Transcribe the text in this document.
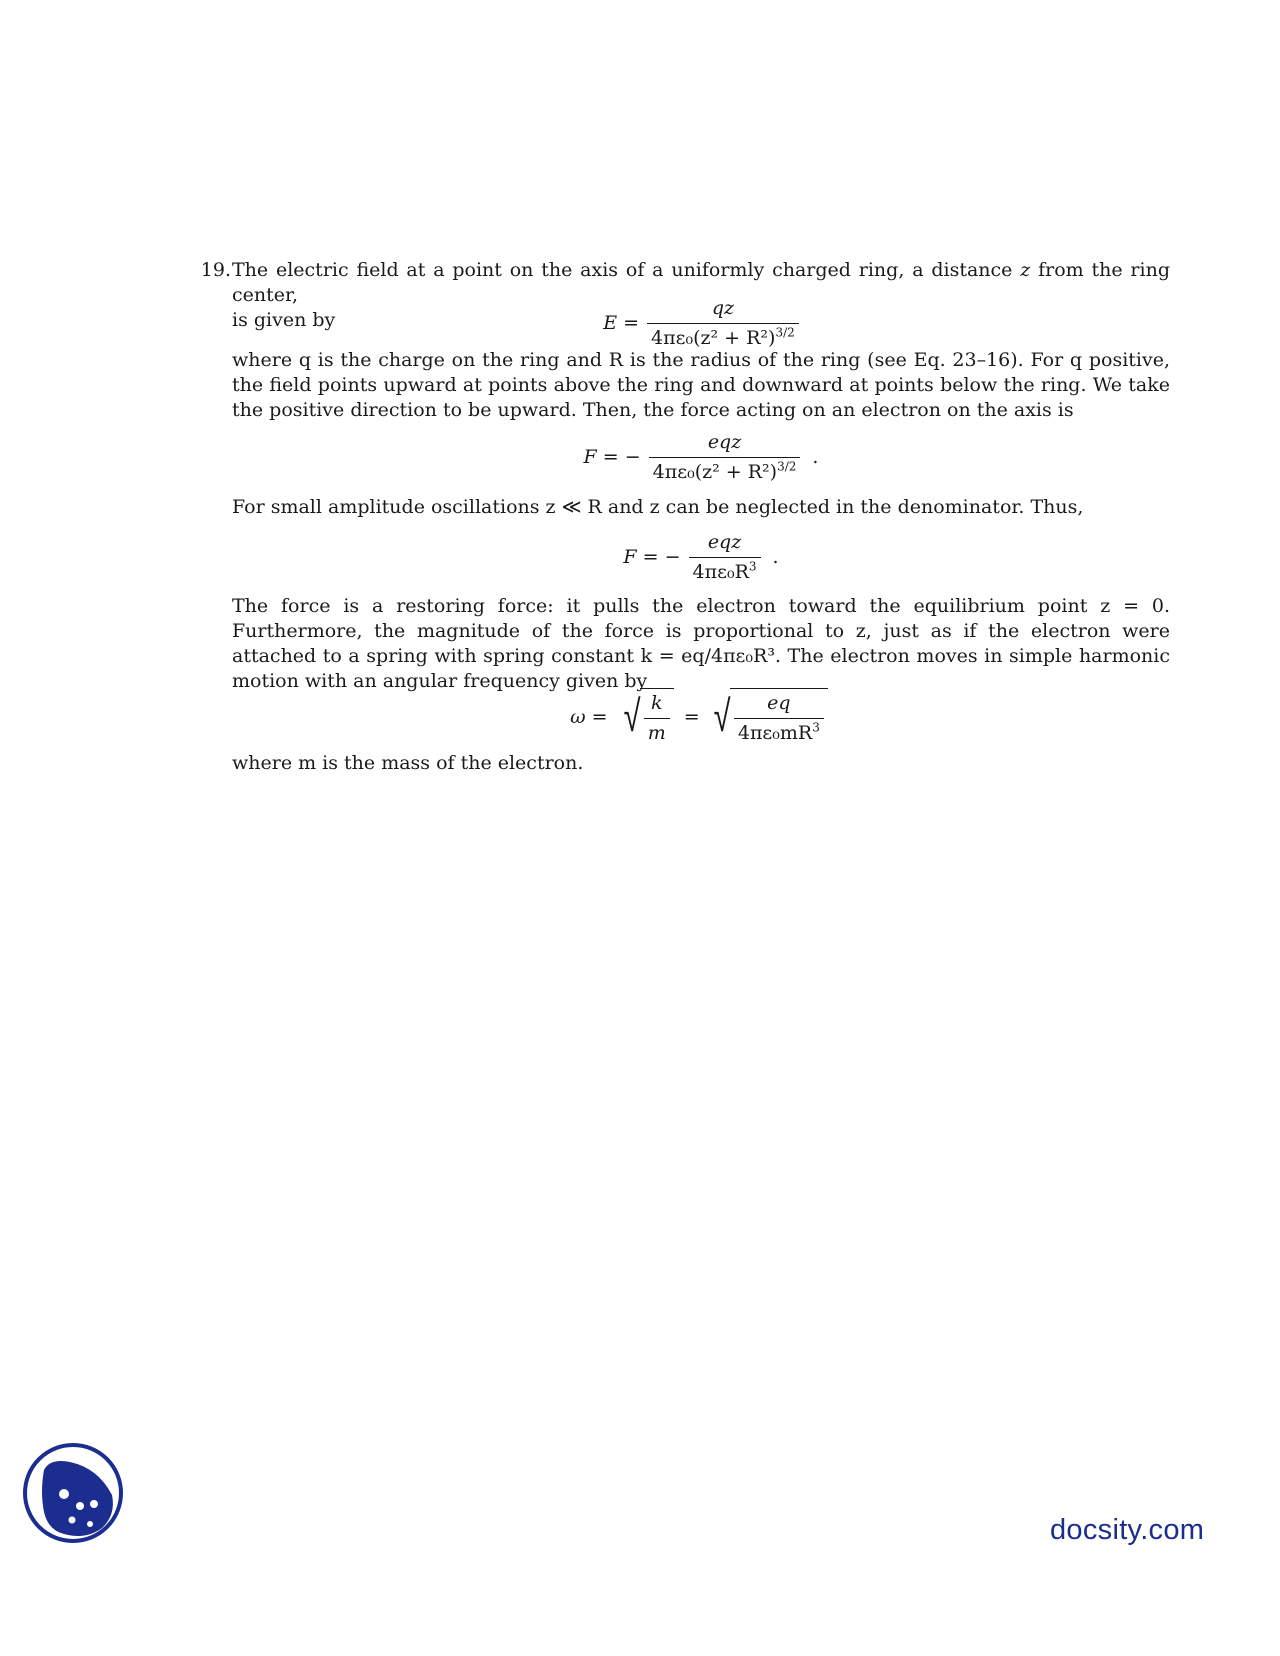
19. The electric field at a point on the axis of a uniformly charged ring, a distance z from the ring center,

is given by	$E = \frac{qz}{4\pi\varepsilon_0(z^2 + R^2)^{3/2}}$

where q is the charge on the ring and R is the radius of the ring (see Eq. 23–16). For q positive, the field points upward at points above the ring and downward at points below the ring. We take the positive direction to be upward. Then, the force acting on an electron on the axis is

F = − $\frac{\text{eqz}}{4\pi\varepsilon_0(z^2 + R^2)^{3/2}}$ .

For small amplitude oscillations z ≪ R and z can be neglected in the denominator. Thus,

F = − $\frac{\text{eqz}}{4\pi\varepsilon_0R^3}$ .

The force is a restoring force: it pulls the electron toward the equilibrium point z = 0. Furthermore, the magnitude of the force is proportional to z, just as if the electron were attached to a spring with spring constant k = eq/4πε₀R³. The electron moves in simple harmonic motion with an angular frequency given by

ω = √ $\frac{k}{m}$ = √ $\frac{eq}{4\pi\varepsilon_0mR^3}$

where m is the mass of the electron.

docsity.com
